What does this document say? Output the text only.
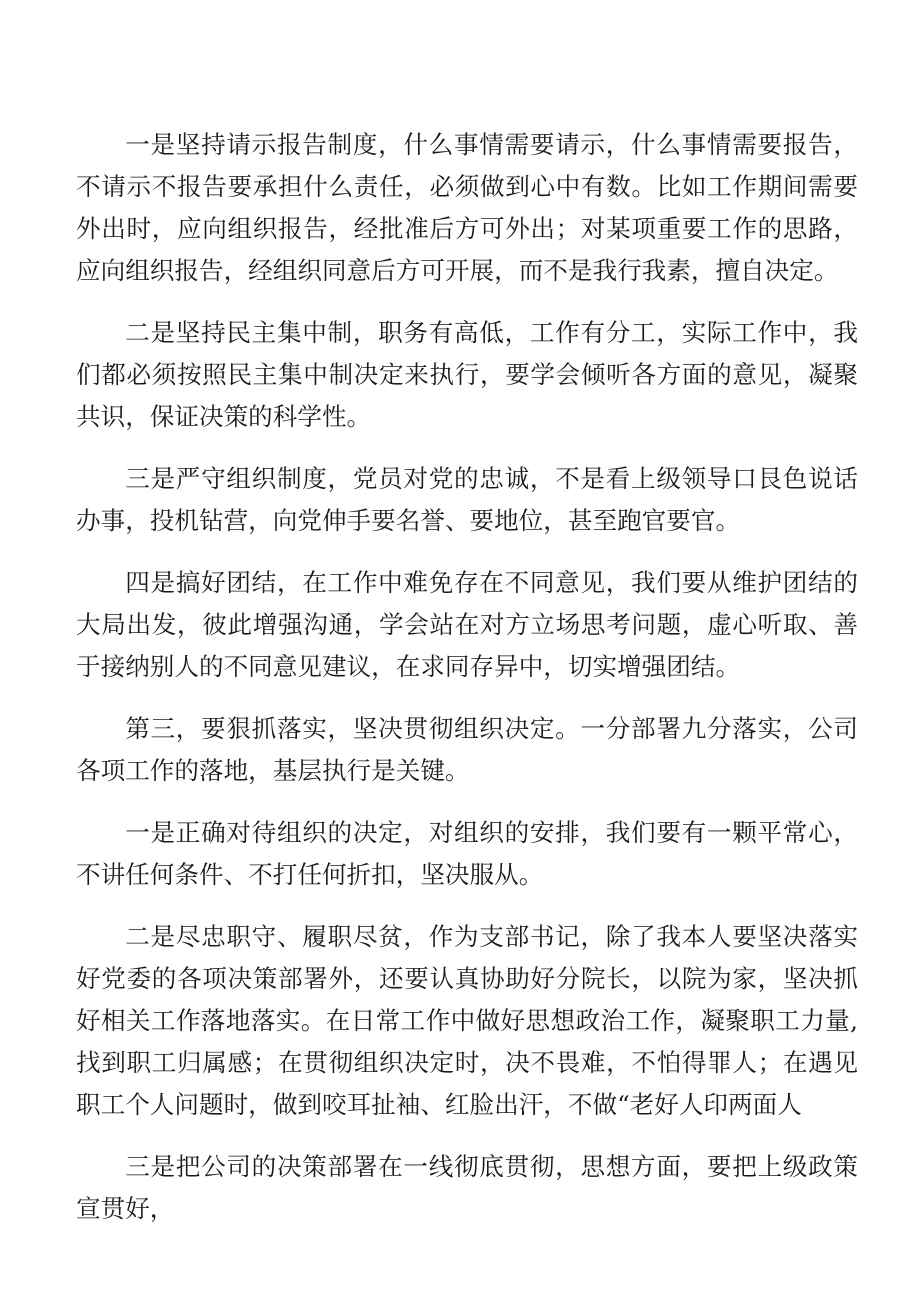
一是坚持请示报告制度，什么事情需要请示，什么事情需要报告，不请示不报告要承担什么责任，必须做到心中有数。比如工作期间需要外出时，应向组织报告，经批准后方可外出；对某项重要工作的思路，应向组织报告，经组织同意后方可开展，而不是我行我素，擅自决定。

二是坚持民主集中制，职务有高低，工作有分工，实际工作中，我们都必须按照民主集中制决定来执行，要学会倾听各方面的意见，凝聚共识，保证决策的科学性。

三是严守组织制度，党员对党的忠诚，不是看上级领导口艮色说话办事，投机钻营，向党伸手要名誉、要地位，甚至跑官要官。

四是搞好团结，在工作中难免存在不同意见，我们要从维护团结的大局出发，彼此增强沟通，学会站在对方立场思考问题，虚心听取、善于接纳别人的不同意见建议，在求同存异中，切实增强团结。

第三，要狠抓落实，坚决贯彻组织决定。一分部署九分落实，公司各项工作的落地，基层执行是关键。

一是正确对待组织的决定，对组织的安排，我们要有一颗平常心，不讲任何条件、不打任何折扣，坚决服从。

二是尽忠职守、履职尽贫，作为支部书记，除了我本人要坚决落实好党委的各项决策部署外，还要认真协助好分院长，以院为家，坚决抓好相关工作落地落实。在日常工作中做好思想政治工作，凝聚职工力量,找到职工归属感；在贯彻组织决定时，决不畏难，不怕得罪人；在遇见职工个人问题时，做到咬耳扯袖、红脸出汗，不做“老好人印两面人

三是把公司的决策部署在一线彻底贯彻，思想方面，要把上级政策宣贯好，
